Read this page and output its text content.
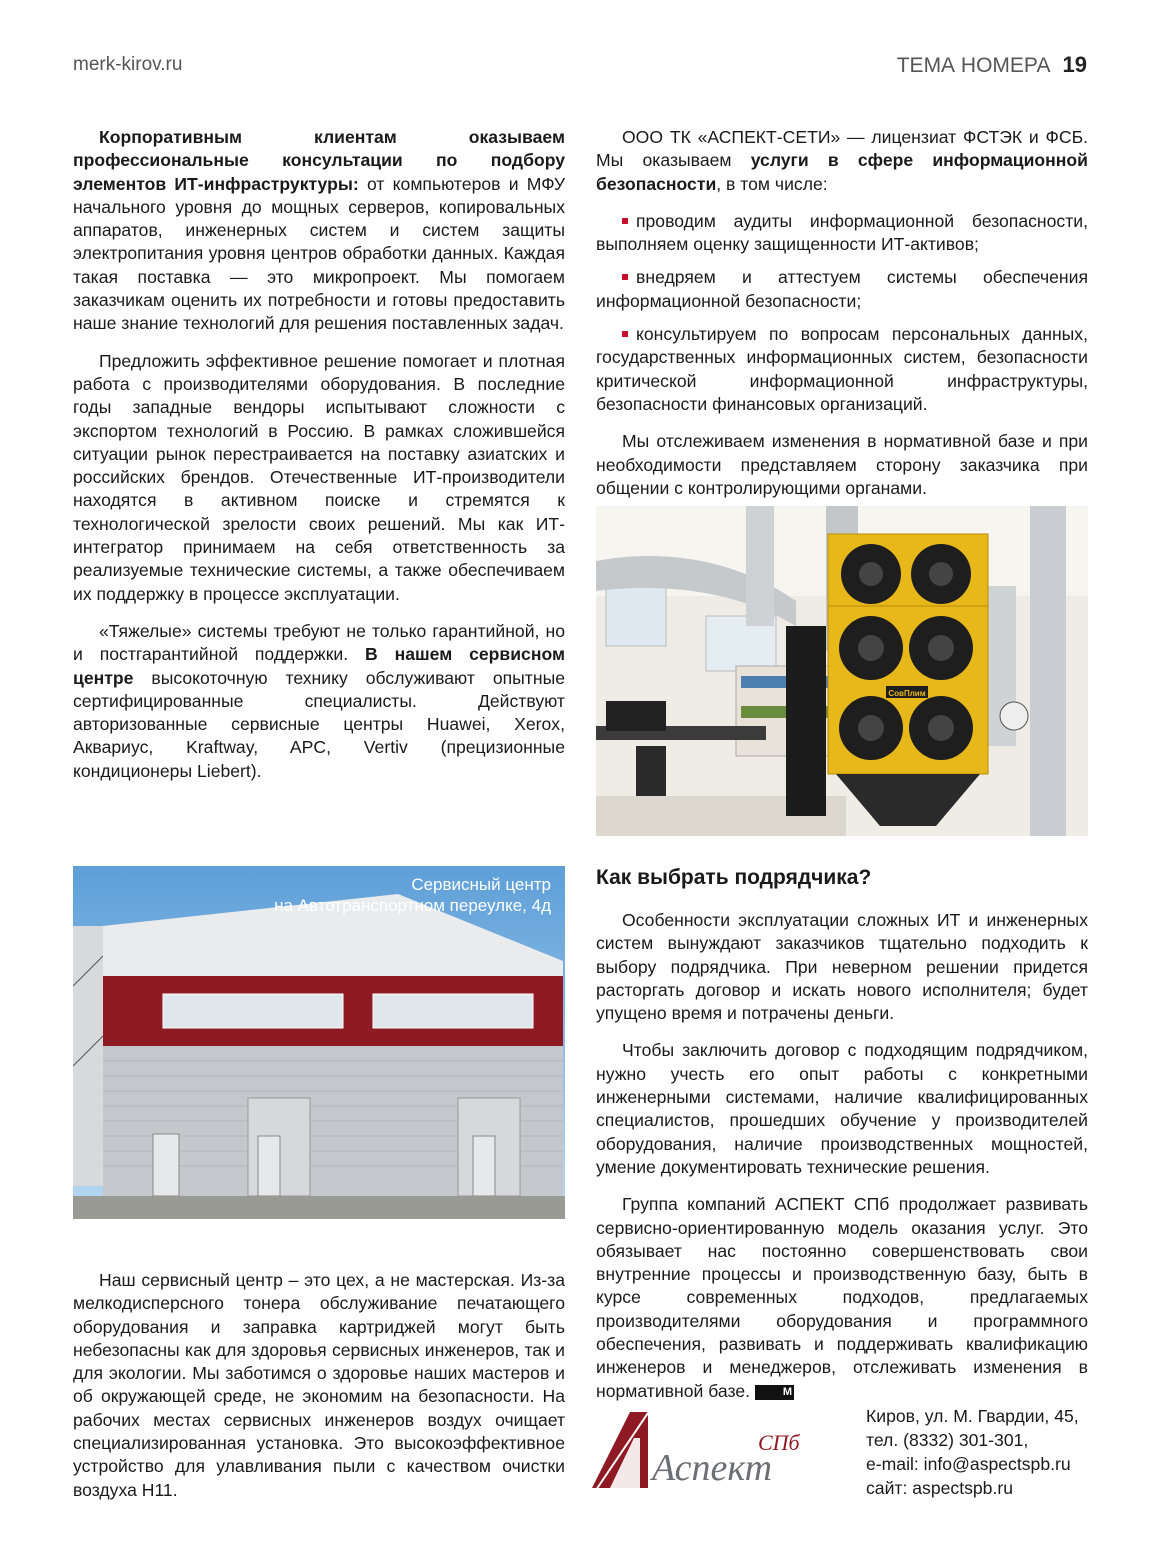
merk-kirov.ru	ТЕМА НОМЕРА 19

Корпоративным клиентам оказываем профессиональные консультации по подбору элементов ИТ-инфраструктуры: от компьютеров и МФУ начального уровня до мощных серверов, копировальных аппаратов, инженерных систем и систем защиты электропитания уровня центров обработки данных. Каждая такая поставка — это микропроект. Мы помогаем заказчикам оценить их потребности и готовы предоставить наше знание технологий для решения поставленных задач.

Предложить эффективное решение помогает и плотная работа с производителями оборудования. В последние годы западные вендоры испытывают сложности с экспортом технологий в Россию. В рамках сложившейся ситуации рынок перестраивается на поставку азиатских и российских брендов. Отечественные ИТ-производители находятся в активном поиске и стремятся к технологической зрелости своих решений. Мы как ИТ-интегратор принимаем на себя ответственность за реализуемые технические системы, а также обеспечиваем их поддержку в процессе эксплуатации.

«Тяжелые» системы требуют не только гарантийной, но и постгарантийной поддержки. В нашем сервисном центре высокоточную технику обслуживают опытные сертифицированные специалисты. Действуют авторизованные сервисные центры Huawei, Xerox, Аквариус, Kraftway, APC, Vertiv (прецизионные кондиционеры Liebert).

ООО ТК «АСПЕКТ-СЕТИ» — лицензиат ФСТЭК и ФСБ. Мы оказываем услуги в сфере информационной безопасности, в том числе:

проводим аудиты информационной безопасности, выполняем оценку защищенности ИТ-активов;
внедряем и аттестуем системы обеспечения информационной безопасности;
консультируем по вопросам персональных данных, государственных информационных систем, безопасности критической информационной инфраструктуры, безопасности финансовых организаций.

Мы отслеживаем изменения в нормативной базе и при необходимости представляем сторону заказчика при общении с контролирующими органами.

СовПлим
Как выбрать подрядчика?
Сервисный центр
на Автотранспортном переулке, 4д

Особенности эксплуатации сложных ИТ и инженерных систем вынуждают заказчиков тщательно подходить к выбору подрядчика. При неверном решении придется расторгать договор и искать нового исполнителя; будет упущено время и потрачены деньги.

Чтобы заключить договор с подходящим подрядчиком, нужно учесть его опыт работы с конкретными инженерными системами, наличие квалифицированных специалистов, прошедших обучение у производителей оборудования, наличие производственных мощностей, умение документировать технические решения.

Группа компаний АСПЕКТ СПб продолжает развивать сервисно-ориентированную модель оказания услуг. Это обязывает нас постоянно совершенствовать свои внутренние процессы и производственную базу, быть в курсе современных подходов, предлагаемых производителями оборудования и программного обеспечения, развивать и поддерживать квалификацию инженеров и менеджеров, отслеживать изменения в нормативной базе.	M

Наш сервисный центр – это цех, а не мастерская. Из-за мелкодисперсного тонера обслуживание печатающего оборудования и заправка картриджей могут быть небезопасны как для здоровья сервисных инженеров, так и для экологии. Мы заботимся о здоровье наших мастеров и об окружающей среде, не экономим на безопасности. На рабочих местах сервисных инженеров воздух очищает специализированная установка. Это высокоэффективное устройство для улавливания пыли с качеством очистки воздуха H11.

Аспект
СПб
Киров, ул. М. Гвардии, 45,
тел. (8332) 301-301,
e-mail: info@aspectspb.ru
сайт: aspectspb.ru
